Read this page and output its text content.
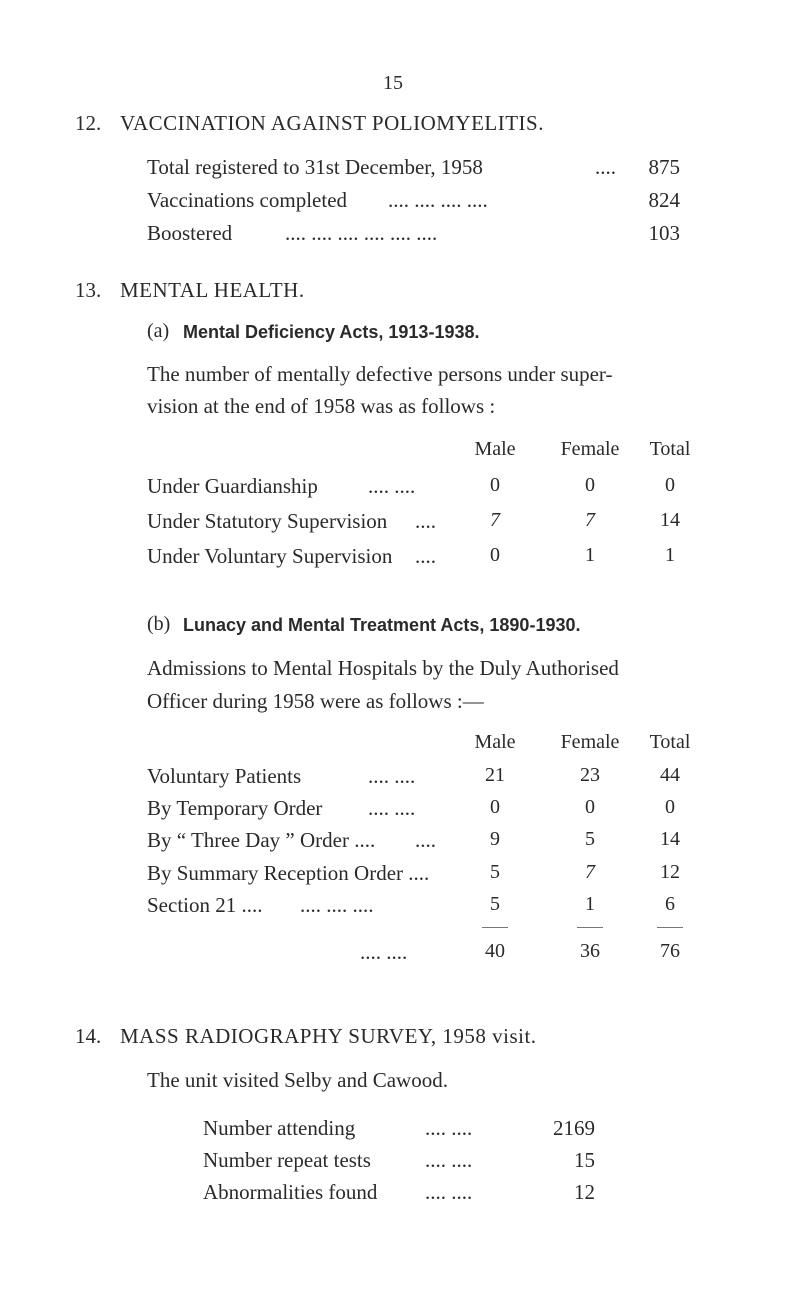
15
12. VACCINATION AGAINST POLIOMYELITIS.
Total registered to 31st December, 1958	....	875
Vaccinations completed .... .... .... ....	824
Boostered	.... .... .... .... .... ....	103
13. MENTAL HEALTH.
(a) Mental Deficiency Acts, 1913-1938.
The number of mentally defective persons under super-
vision at the end of 1958 was as follows :
Male	Female	Total
Under Guardianship .... ....	0	0	0
Under Statutory Supervision ....	7	7	14
Under Voluntary Supervision ....	0	1	1
(b) Lunacy and Mental Treatment Acts, 1890-1930.
Admissions to Mental Hospitals by the Duly Authorised
Officer during 1958 were as follows :—
Male	Female	Total
Voluntary Patients	.... ....	21	23	44
By Temporary Order .... ....	0	0	0
By “ Three Day ” Order .... ....	9	5	14
By Summary Reception Order ....	5	7	12
Section 21 .... .... .... ....	5	1	6
.... ....	40	36	76
14. MASS RADIOGRAPHY SURVEY, 1958 visit.
The unit visited Selby and Cawood.
Number attending	.... ....	2169
Number repeat tests	.... ....	15
Abnormalities found .... ....	12
